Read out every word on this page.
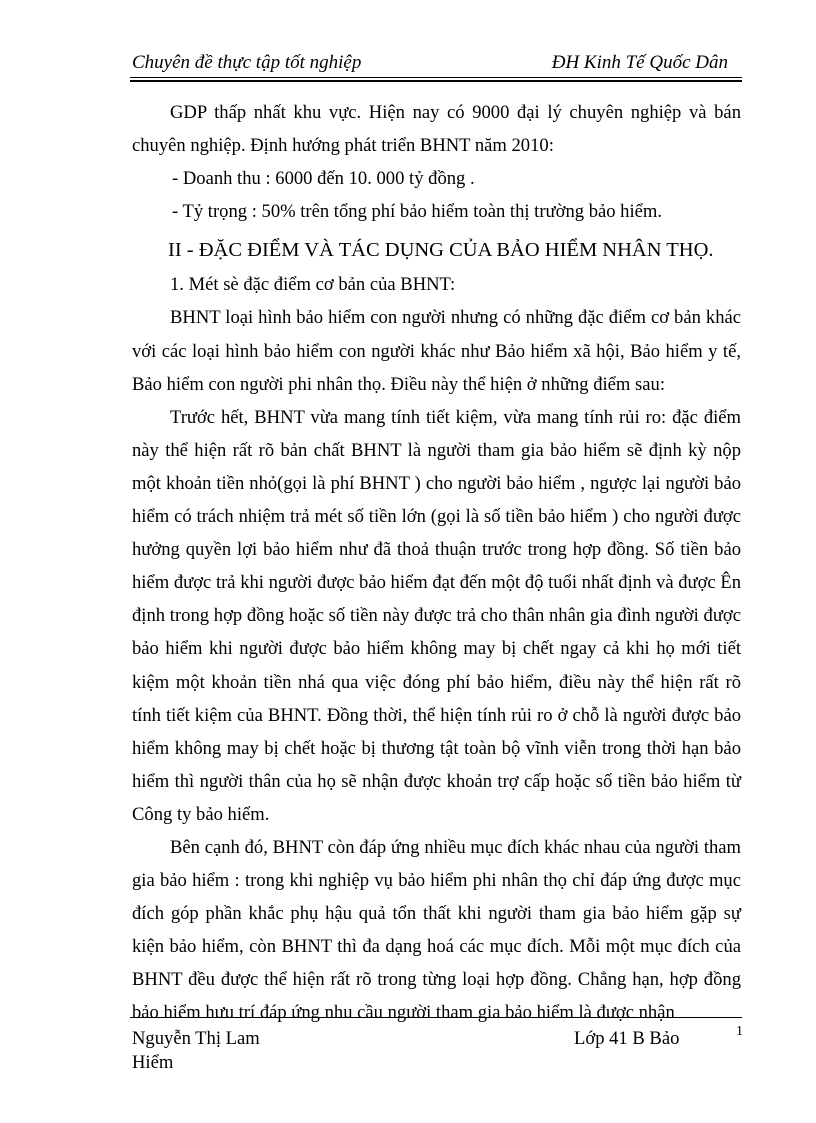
Chuyên đề thực tập tốt nghiệp	ĐH Kinh Tế Quốc Dân

GDP thấp nhất khu vực. Hiện nay có 9000 đại lý chuyên nghiệp và bán chuyên nghiệp. Định hướng phát triển BHNT năm 2010:

- Doanh thu : 6000 đến 10. 000 tỷ đồng .

- Tỷ trọng : 50% trên tổng phí bảo hiểm toàn thị trường bảo hiểm.

II - ĐẶC ĐIỂM VÀ TÁC DỤNG CỦA BẢO HIỂM NHÂN THỌ.

1. Mét sè đặc điểm cơ bản của BHNT:

BHNT loại hình bảo hiểm con người nhưng có những đặc điểm cơ bản khác với các loại hình bảo hiểm con người khác như Bảo hiểm xã hội, Bảo hiểm y tế, Bảo hiểm con người phi nhân thọ. Điều này thể hiện ở những điểm sau:

Trước hết, BHNT vừa mang tính tiết kiệm, vừa mang tính rủi ro: đặc điểm này thể hiện rất rõ bản chất BHNT là người tham gia bảo hiểm sẽ định kỳ nộp một khoản tiền nhỏ(gọi là phí BHNT ) cho người bảo hiểm , ngược lại người bảo hiểm có trách nhiệm trả mét số tiền lớn (gọi là số tiền bảo hiểm ) cho người được hưởng quyền lợi bảo hiểm như đã thoả thuận trước trong hợp đồng. Số tiền bảo hiểm được trả khi người được bảo hiểm đạt đến một độ tuổi nhất định và được Ên định trong hợp đồng hoặc số tiền này được trả cho thân nhân gia đình người được bảo hiểm khi người được bảo hiểm không may bị chết ngay cả khi họ mới tiết kiệm một khoản tiền nhá qua việc đóng phí bảo hiểm, điều này thể hiện rất rõ tính tiết kiệm của BHNT. Đồng thời, thể hiện tính rủi ro ở chỗ là người được bảo hiểm không may bị chết hoặc bị thương tật toàn bộ vĩnh viễn trong thời hạn bảo hiểm thì người thân của họ sẽ nhận được khoản trợ cấp hoặc số tiền bảo hiểm từ Công ty bảo hiểm.

Bên cạnh đó, BHNT còn đáp ứng nhiều mục đích khác nhau của người tham gia bảo hiểm : trong khi nghiệp vụ bảo hiểm phi nhân thọ chỉ đáp ứng được mục đích góp phần khắc phụ hậu quả tổn thất khi người tham gia bảo hiểm gặp sự kiện bảo hiểm, còn BHNT thì đa dạng hoá các mục đích. Mỗi một mục đích của BHNT đều được thể hiện rất rõ trong từng loại hợp đồng. Chẳng hạn, hợp đồng bảo hiểm hưu trí đáp ứng nhu cầu người tham gia bảo hiểm là được nhận

Nguyễn Thị Lam Hiểm
Lớp 41 B Bảo	1
